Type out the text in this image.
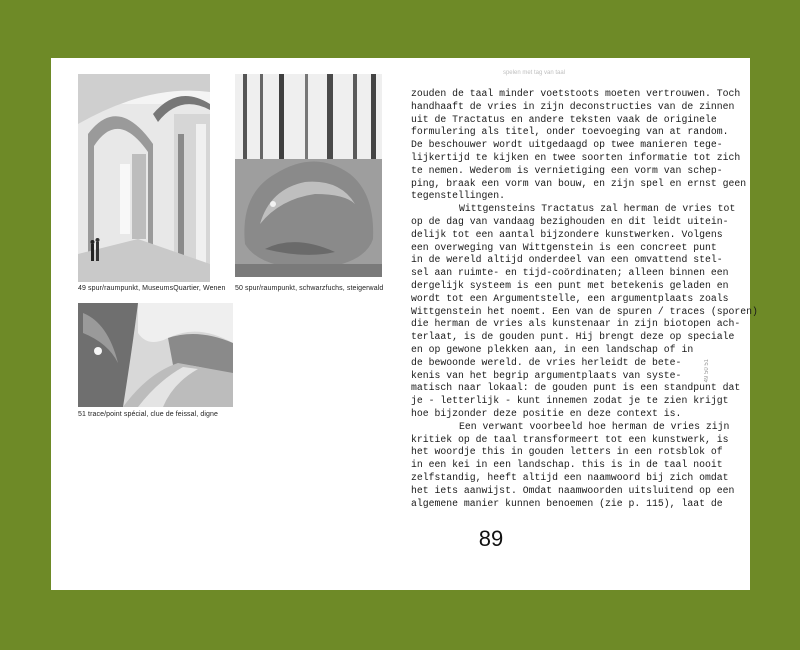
49 spur/raumpunkt, MuseumsQuartier, Wenen 50 spur/raumpunkt, schwarzfuchs, steigerwald
51 trace/point spécial, clue de feissal, digne
spelen met tag van taal
zouden de taal minder voetstoots moeten vertrouwen. Toch
handhaaft de vries in zijn deconstructies van de zinnen
uit de Tractatus en andere teksten vaak de originele
formulering als titel, onder toevoeging van at random.
De beschouwer wordt uitgedaagd op twee manieren tege-
lijkertijd te kijken en twee soorten informatie tot zich
te nemen. Wederom is vernietiging een vorm van schep-
ping, braak een vorm van bouw, en zijn spel en ernst geen
tegenstellingen.
Wittgensteins Tractatus zal herman de vries tot
op de dag van vandaag bezighouden en dit leidt uitein-
delijk tot een aantal bijzondere kunstwerken. Volgens
een overweging van Wittgenstein is een concreet punt
in de wereld altijd onderdeel van een omvattend stel-
sel aan ruimte- en tijd-coördinaten; alleen binnen een
dergelijk systeem is een punt met betekenis geladen en
wordt tot een Argumentstelle, een argumentplaats zoals
Wittgenstein het noemt. Een van de spuren / traces (sporen)
die herman de vries als kunstenaar in zijn biotopen ach-
terlaat, is de gouden punt. Hij brengt deze op speciale
en op gewone plekken aan, in een landschap of in
de bewoonde wereld. de vries herleidt de bete-
kenis van het begrip argumentplaats van syste-
matisch naar lokaal: de gouden punt is een standpunt dat
je - letterlijk - kunt innemen zodat je te zien krijgt
hoe bijzonder deze positie en deze context is.
Een verwant voorbeeld hoe herman de vries zijn
kritiek op de taal transformeert tot een kunstwerk, is
het woordje this in gouden letters in een rotsblok of
in een kei in een landschap. this is in de taal nooit
zelfstandig, heeft altijd een naamwoord bij zich omdat
het iets aanwijst. Omdat naamwoorden uitsluitend op een
algemene manier kunnen benoemen (zie p. 115), laat de
49 50 51
89
